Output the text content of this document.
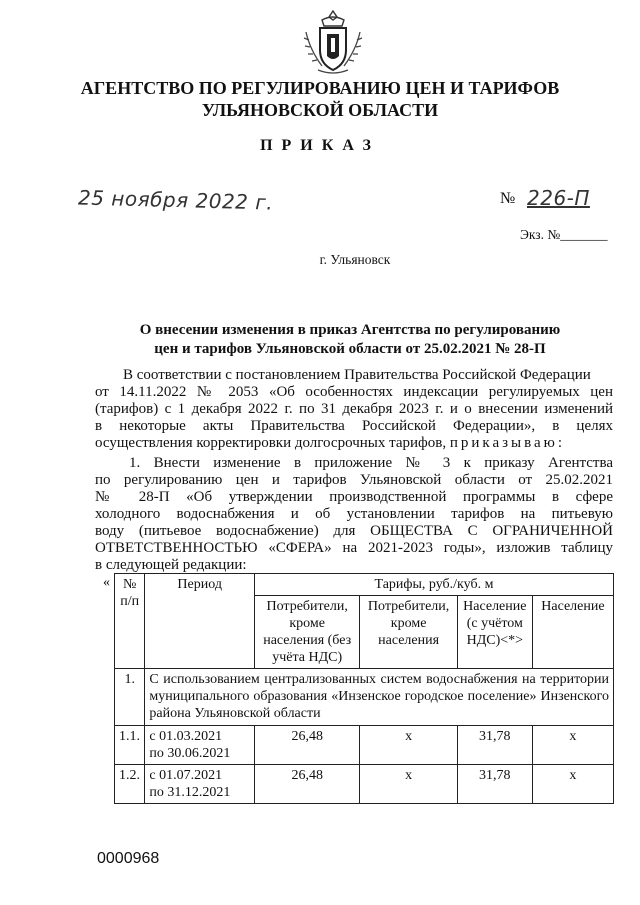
АГЕНТСТВО ПО РЕГУЛИРОВАНИЮ ЦЕН И ТАРИФОВ
УЛЬЯНОВСКОЙ ОБЛАСТИ
ПРИКАЗ
25 ноября 2022 г.	№ 226-П
Экз. №_______
г. Ульяновск
О внесении изменения в приказ Агентства по регулированию
цен и тарифов Ульяновской области от 25.02.2021 № 28-П
В соответствии с постановлением Правительства Российской Федерации
от 14.11.2022 № 2053 «Об особенностях индексации регулируемых цен
(тарифов) с 1 декабря 2022 г. по 31 декабря 2023 г. и о внесении изменений
в некоторые акты Правительства Российской Федерации», в целях
осуществления корректировки долгосрочных тарифов, приказываю:
1. Внести изменение в приложение № 3 к приказу Агентства
по регулированию цен и тарифов Ульяновской области от 25.02.2021
№ 28-П «Об утверждении производственной программы в сфере
холодного водоснабжения и об установлении тарифов на питьевую
воду (питьевое водоснабжение) для ОБЩЕСТВА С ОГРАНИЧЕННОЙ
ОТВЕТСТВЕННОСТЬЮ «СФЕРА» на 2021-2023 годы», изложив таблицу
в следующей редакции:
« № п/п	Период	Тарифы, руб./куб. м			
		Потребители, кроме населения (без учёта НДС)	Потребители, кроме населения	Население (с учётом НДС)<*>	Население
1.	С использованием централизованных систем водоснабжения на территории муниципального образования «Инзенское городское поселение» Инзенского района Ульяновской области				
1.1.	с 01.03.2021
по 30.06.2021	26,48	x	31,78	x
1.2.	с 01.07.2021
по 31.12.2021	26,48	x	31,78	x
0000968
